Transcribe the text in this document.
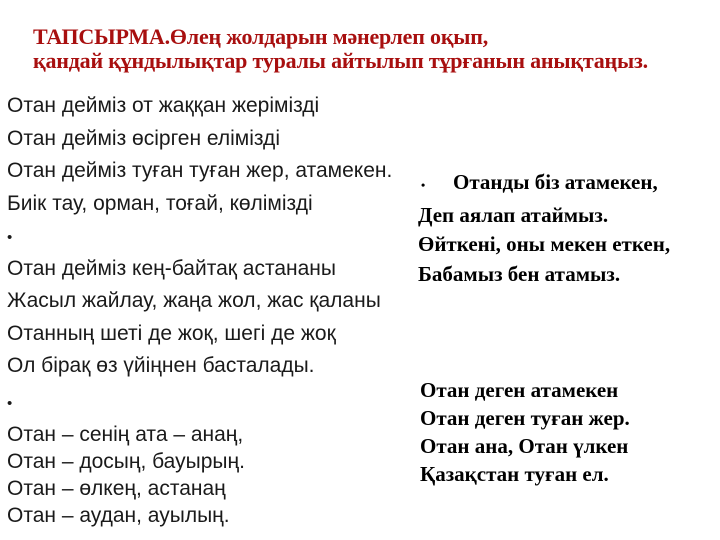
ТАПСЫРМА.Өлең жолдарын мәнерлеп оқып,
қандай құндылықтар туралы айтылып тұрғанын анықтаңыз.
Отан дейміз от жаққан жерімізді
Отан дейміз өсірген елімізді
Отан дейміз туған туған жер, атамекен.
Биік тау, орман, тоғай, көлімізді
•
Отан дейміз кең-байтақ астананы
Жасыл жайлау, жаңа жол, жас қаланы
Отанның шеті де жоқ, шегі де жоқ
Ол бірақ өз үйіңнен басталады.
•
Отан – сенің ата – анаң,
Отан – досың, бауырың.
Отан – өлкең, астанаң
Отан – аудан, ауылың.
• Отанды біз атамекен,
Деп аялап атаймыз.
Өйткені, оны мекен еткен,
Бабамыз бен атамыз.
Отан деген атамекен
Отан деген туған жер.
Отан ана, Отан үлкен
Қазақстан туған ел.
